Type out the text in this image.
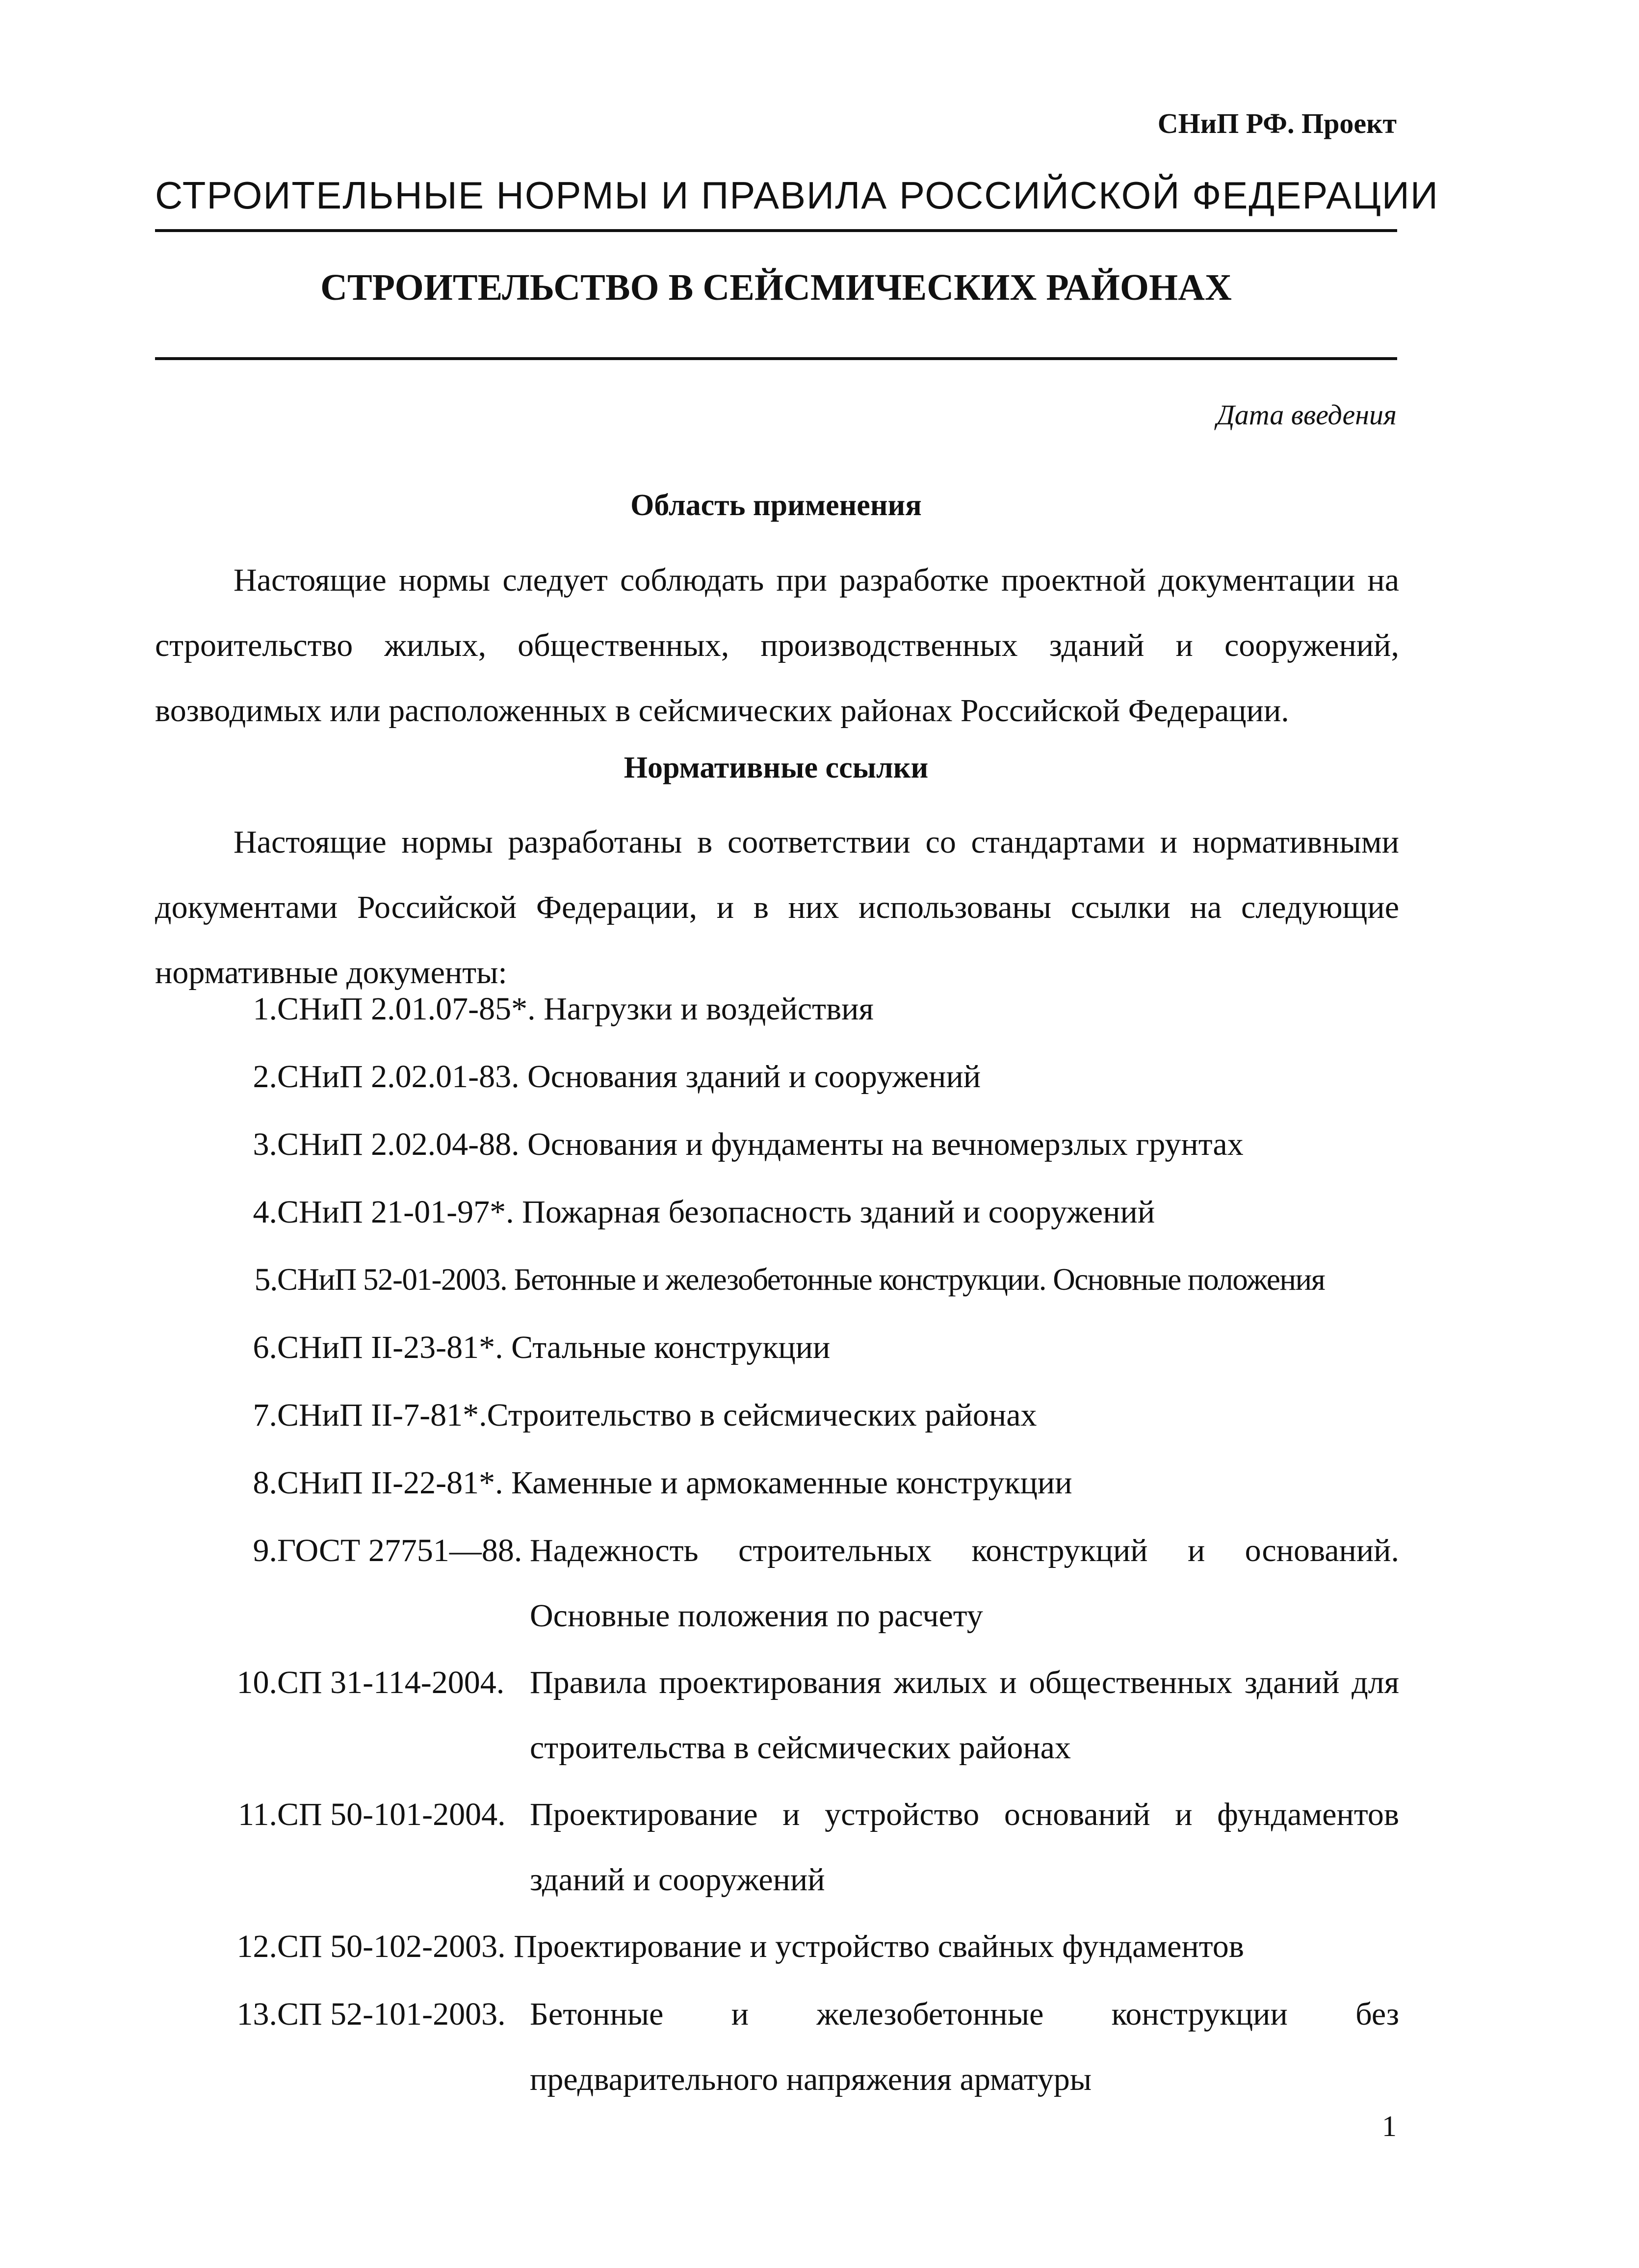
СНиП РФ. Проект
СТРОИТЕЛЬНЫЕ НОРМЫ И ПРАВИЛА РОССИЙСКОЙ ФЕДЕРАЦИИ
СТРОИТЕЛЬСТВО В СЕЙСМИЧЕСКИХ РАЙОНАХ
Дата введения
Область применения
Настоящие нормы следует соблюдать при разработке проектной документации на строительство жилых, общественных, производственных зданий и сооружений, возводимых или расположенных в сейсмических районах Российской Федерации.
Нормативные ссылки
Настоящие нормы разработаны в соответствии со стандартами и нормативными документами Российской Федерации, и в них использованы ссылки на следующие нормативные документы:
1. СНиП 2.01.07-85*. Нагрузки и воздействия
2. СНиП 2.02.01-83. Основания зданий и сооружений
3. СНиП 2.02.04-88. Основания и фундаменты на вечномерзлых грунтах
4. СНиП 21-01-97*. Пожарная безопасность зданий и сооружений
5. СНиП 52-01-2003. Бетонные и железобетонные конструкции. Основные положения
6. СНиП II-23-81*. Стальные конструкции
7. СНиП II-7-81*.Строительство в сейсмических районах
8. СНиП II-22-81*. Каменные и армокаменные конструкции
9. ГОСТ 27751—88. Надежность строительных конструкций и оснований. Основные положения по расчету
10. СП 31-114-2004. Правила проектирования жилых и общественных зданий для строительства в сейсмических районах
11. СП 50-101-2004. Проектирование и устройство оснований и фундаментов зданий и сооружений
12. СП 50-102-2003. Проектирование и устройство свайных фундаментов
13. СП 52-101-2003. Бетонные и железобетонные конструкции без предварительного напряжения арматуры
1
